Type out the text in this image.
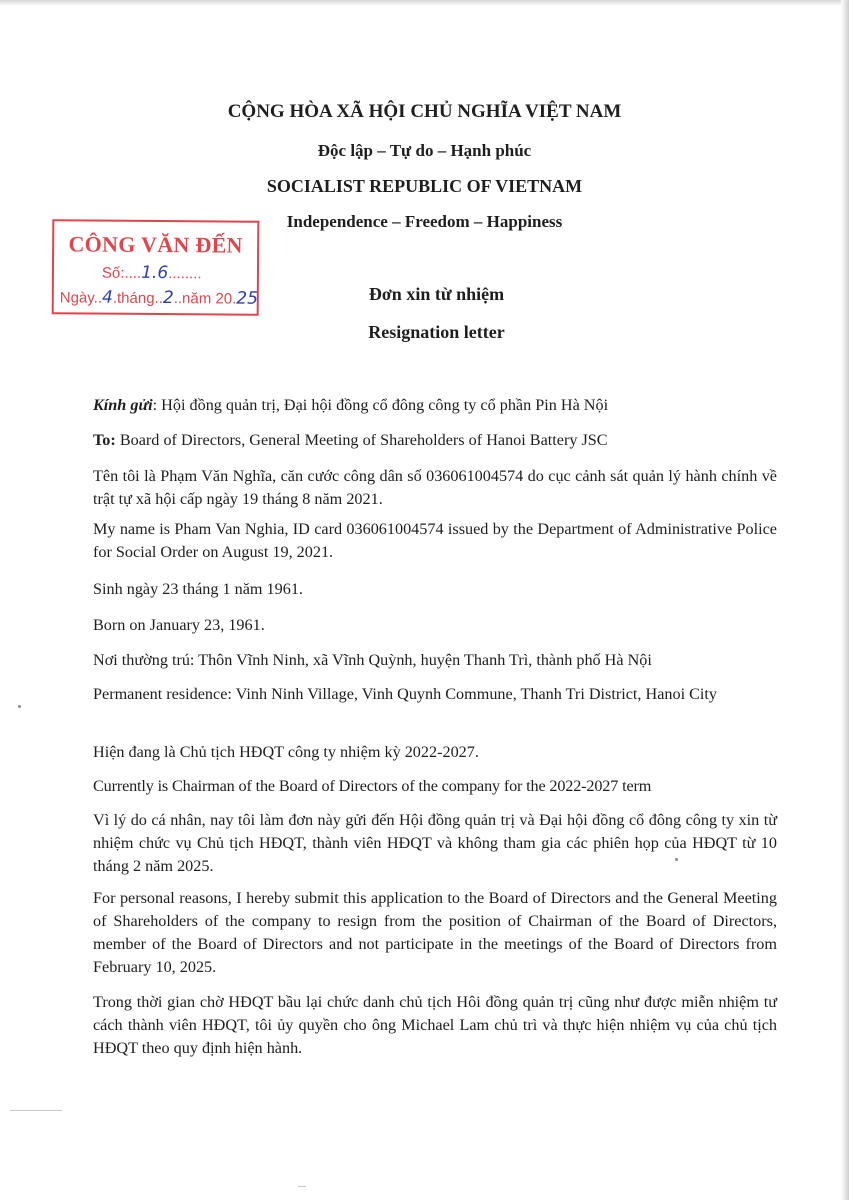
CỘNG HÒA XÃ HỘI CHỦ NGHĨA VIỆT NAM
Độc lập – Tự do – Hạnh phúc
SOCIALIST REPUBLIC OF VIETNAM
Independence – Freedom – Happiness
CÔNG VĂN ĐẾN
Số:....1.6........
Ngày..4.tháng..2..năm 20.25	Đơn xin từ nhiệm
Resignation letter
Kính gửi: Hội đồng quản trị, Đại hội đồng cổ đông công ty cổ phần Pin Hà Nội
To: Board of Directors, General Meeting of Shareholders of Hanoi Battery JSC
Tên tôi là Phạm Văn Nghĩa, căn cước công dân số 036061004574 do cục cảnh sát quản lý hành chính về trật tự xã hội cấp ngày 19 tháng 8 năm 2021.
My name is Pham Van Nghia, ID card 036061004574 issued by the Department of Administrative Police for Social Order on August 19, 2021.
Sinh ngày 23 tháng 1 năm 1961.
Born on January 23, 1961.
Nơi thường trú: Thôn Vĩnh Ninh, xã Vĩnh Quỳnh, huyện Thanh Trì, thành phố Hà Nội
Permanent residence: Vinh Ninh Village, Vinh Quynh Commune, Thanh Tri District, Hanoi City
Hiện đang là Chủ tịch HĐQT công ty nhiệm kỳ 2022-2027.
Currently is Chairman of the Board of Directors of the company for the 2022-2027 term
Vì lý do cá nhân, nay tôi làm đơn này gửi đến Hội đồng quản trị và Đại hội đồng cổ đông công ty xin từ nhiệm chức vụ Chủ tịch HĐQT, thành viên HĐQT và không tham gia các phiên họp của HĐQT từ 10 tháng 2 năm 2025.
For personal reasons, I hereby submit this application to the Board of Directors and the General Meeting of Shareholders of the company to resign from the position of Chairman of the Board of Directors, member of the Board of Directors and not participate in the meetings of the Board of Directors from February 10, 2025.
Trong thời gian chờ HĐQT bầu lại chức danh chủ tịch Hôi đồng quản trị cũng như được miễn nhiệm tư cách thành viên HĐQT, tôi ủy quyền cho ông Michael Lam chủ trì và thực hiện nhiệm vụ của chủ tịch HĐQT theo quy định hiện hành.
